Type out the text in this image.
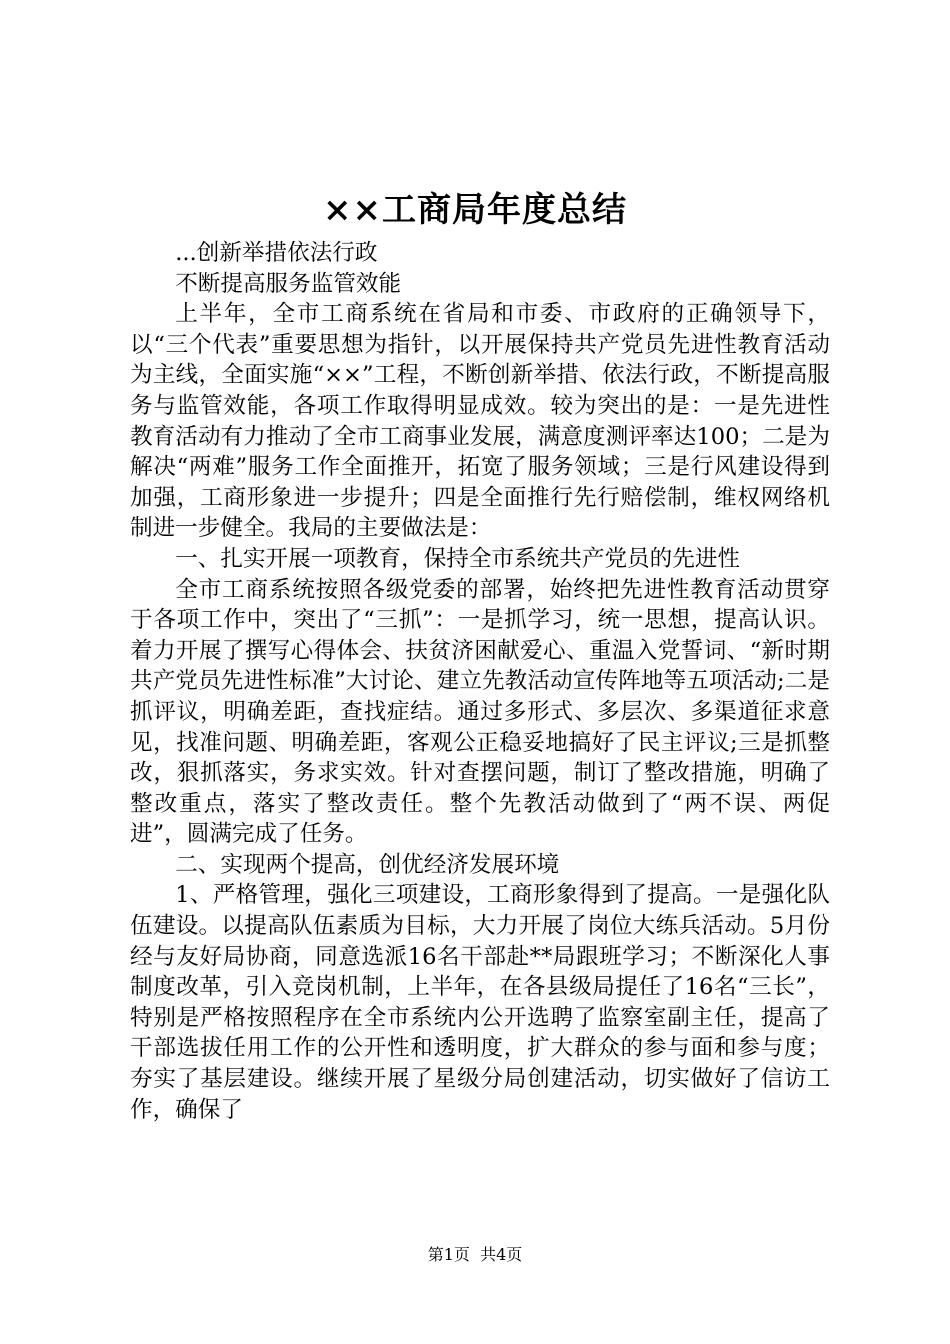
××工商局年度总结

...创新举措依法行政

不断提高服务监管效能

上半年，全市工商系统在省局和市委、市政府的正确领导下，以“三个代表”重要思想为指针，以开展保持共产党员先进性教育活动为主线，全面实施“××”工程，不断创新举措、依法行政，不断提高服务与监管效能，各项工作取得明显成效。较为突出的是：一是先进性教育活动有力推动了全市工商事业发展，满意度测评率达100；二是为解决“两难”服务工作全面推开，拓宽了服务领域；三是行风建设得到加强，工商形象进一步提升；四是全面推行先行赔偿制，维权网络机制进一步健全。我局的主要做法是：

一、扎实开展一项教育，保持全市系统共产党员的先进性

全市工商系统按照各级党委的部署，始终把先进性教育活动贯穿于各项工作中，突出了“三抓”：一是抓学习，统一思想，提高认识。着力开展了撰写心得体会、扶贫济困献爱心、重温入党誓词、“新时期共产党员先进性标准”大讨论、建立先教活动宣传阵地等五项活动;二是抓评议，明确差距，查找症结。通过多形式、多层次、多渠道征求意见，找准问题、明确差距，客观公正稳妥地搞好了民主评议;三是抓整改，狠抓落实，务求实效。针对查摆问题，制订了整改措施，明确了整改重点，落实了整改责任。整个先教活动做到了“两不误、两促进”，圆满完成了任务。

二、实现两个提高，创优经济发展环境

1、严格管理，强化三项建设，工商形象得到了提高。一是强化队伍建设。以提高队伍素质为目标，大力开展了岗位大练兵活动。5月份经与友好局协商，同意选派16名干部赴**局跟班学习；不断深化人事制度改革，引入竞岗机制，上半年，在各县级局提任了16名“三长”，特别是严格按照程序在全市系统内公开选聘了监察室副主任，提高了干部选拔任用工作的公开性和透明度，扩大群众的参与面和参与度；夯实了基层建设。继续开展了星级分局创建活动，切实做好了信访工作，确保了

第1页  共4页
